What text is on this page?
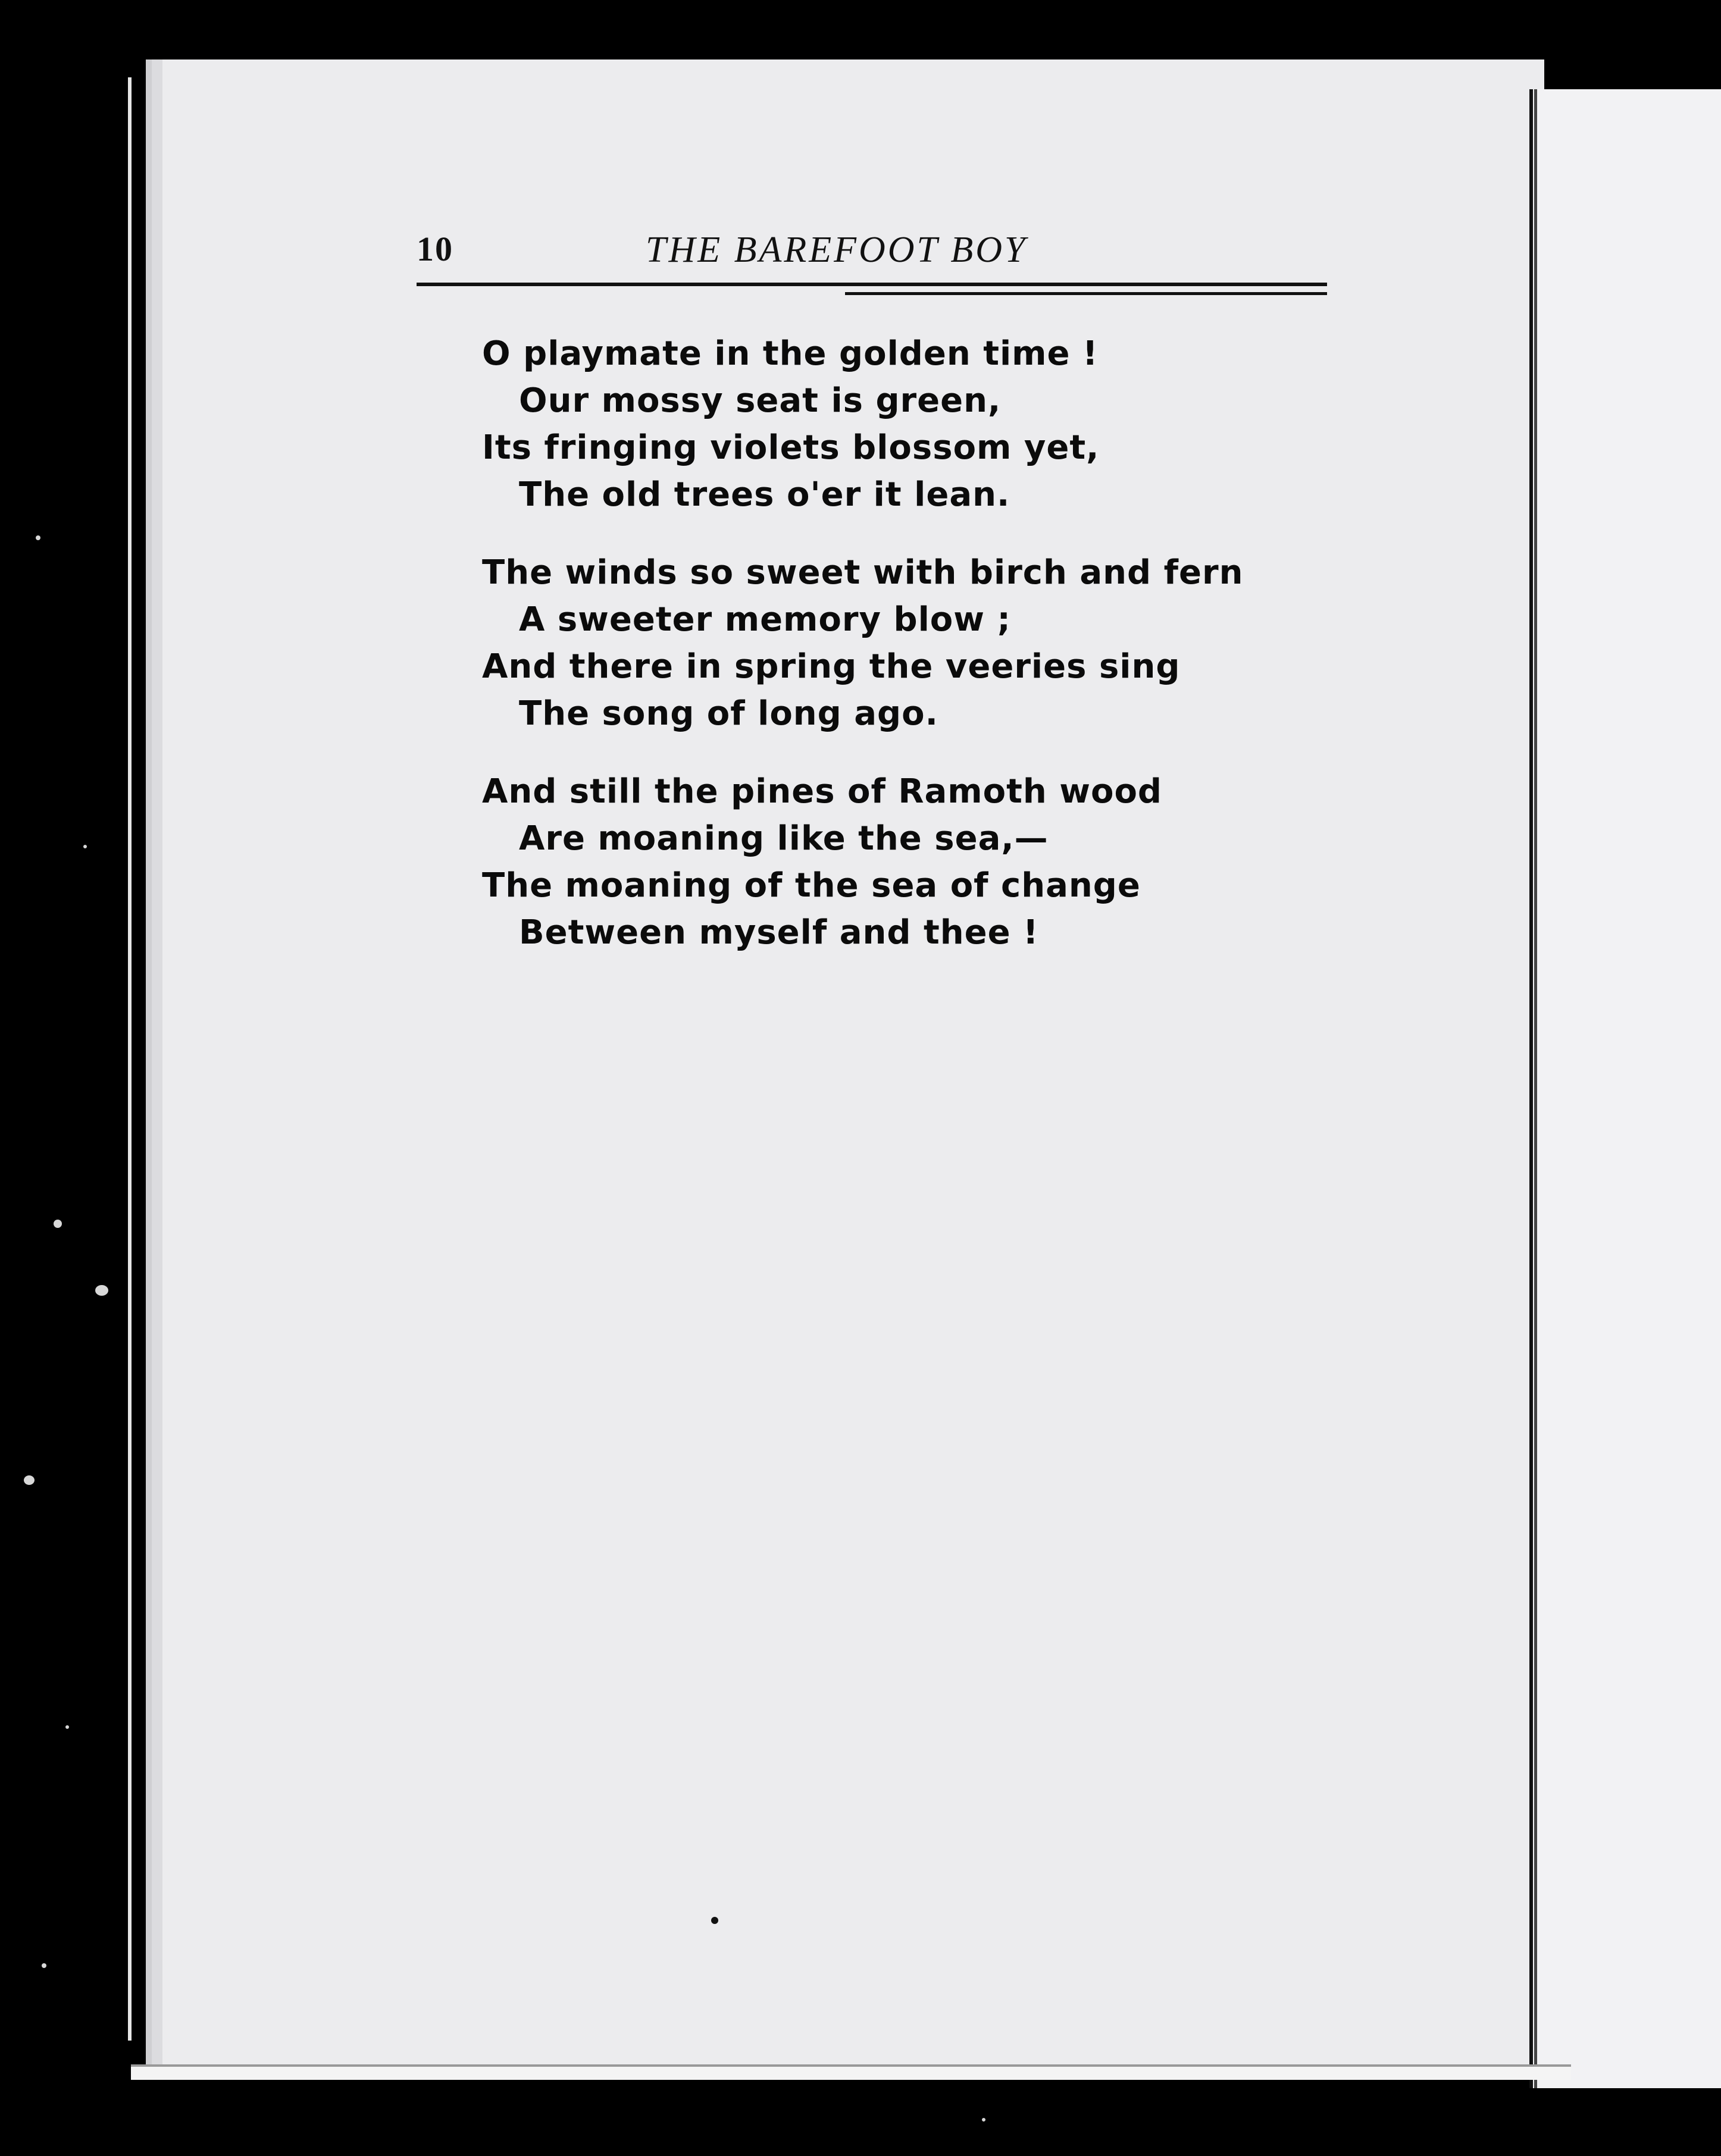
10	THE BAREFOOT BOY
O playmate in the golden time !
Our mossy seat is green,
Its fringing violets blossom yet,
The old trees o'er it lean.
The winds so sweet with birch and fern
A sweeter memory blow ;
And there in spring the veeries sing
The song of long ago.
And still the pines of Ramoth wood
Are moaning like the sea,—
The moaning of the sea of change
Between myself and thee !
